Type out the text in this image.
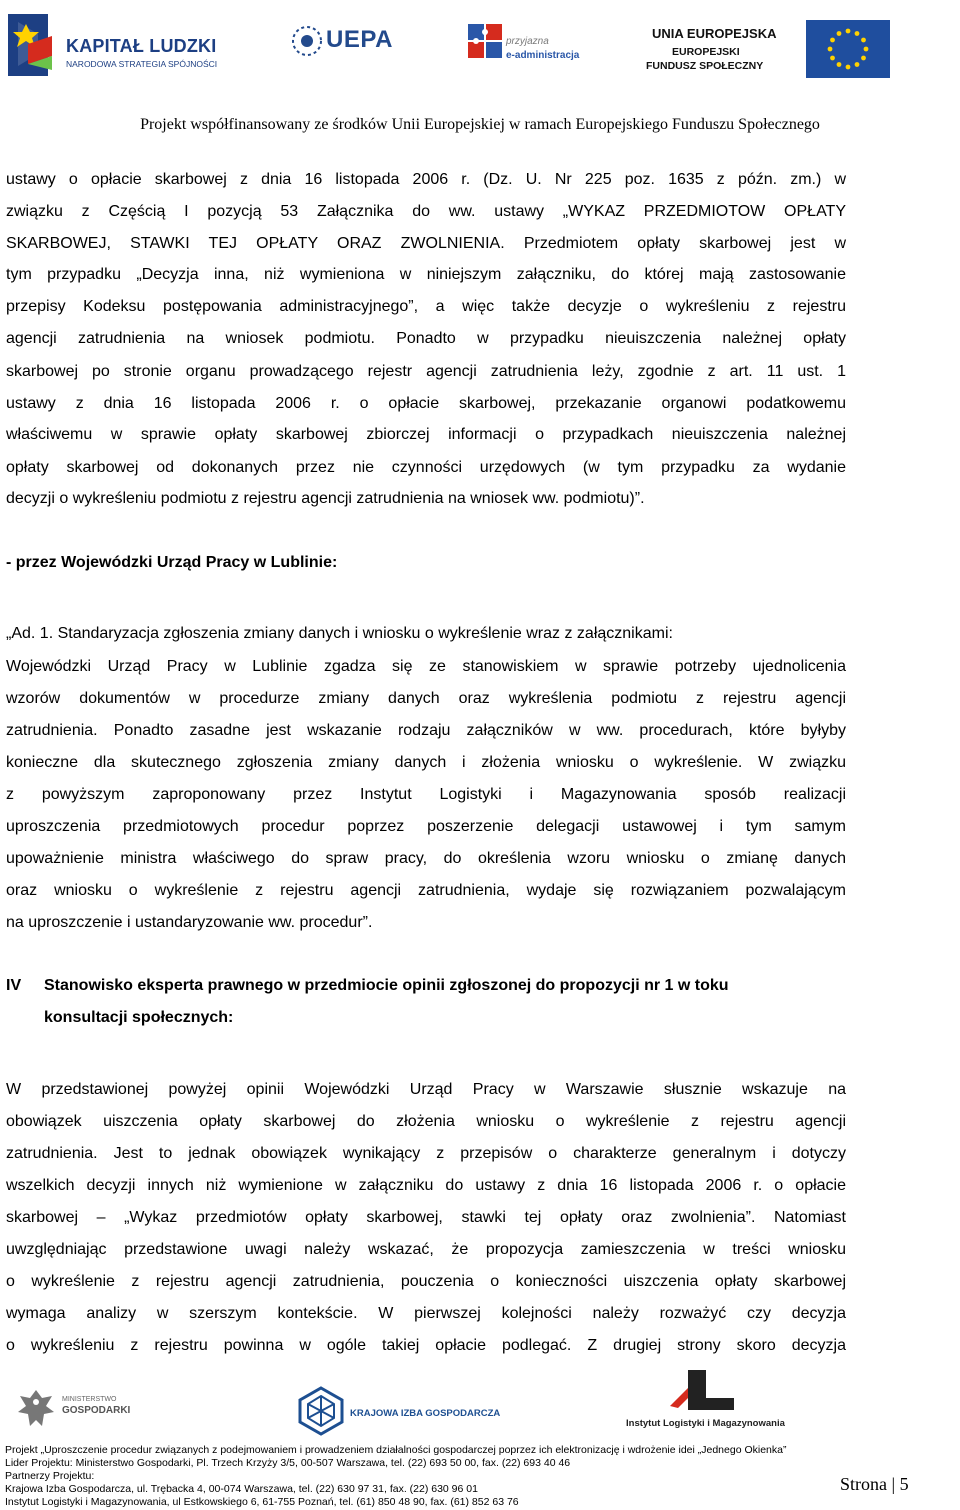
KAPITAŁ LUDZKI
NARODOWA STRATEGIA SPÓJNOŚCI
UEPA	przyjazna
e-administracja
UNIA EUROPEJSKA
EUROPEJSKI
FUNDUSZ SPOŁECZNY
Projekt współfinansowany ze środków Unii Europejskiej w ramach Europejskiego Funduszu Społecznego
ustawy o opłacie skarbowej z dnia 16 listopada 2006 r. (Dz. U. Nr 225 poz. 1635 z późn. zm.) w
związku z Częścią I pozycją 53 Załącznika do ww. ustawy „WYKAZ PRZEDMIOTOW OPŁATY
SKARBOWEJ, STAWKI TEJ OPŁATY ORAZ ZWOLNIENIA. Przedmiotem opłaty skarbowej jest w
tym przypadku „Decyzja inna, niż wymieniona w niniejszym załączniku, do której mają zastosowanie
przepisy Kodeksu postępowania administracyjnego”, a więc także decyzje o wykreśleniu z rejestru
agencji zatrudnienia na wniosek podmiotu. Ponadto w przypadku nieuiszczenia należnej opłaty
skarbowej po stronie organu prowadzącego rejestr agencji zatrudnienia leży, zgodnie z art. 11 ust. 1
ustawy z dnia 16 listopada 2006 r. o opłacie skarbowej, przekazanie organowi podatkowemu
właściwemu w sprawie opłaty skarbowej zbiorczej informacji o przypadkach nieuiszczenia należnej
opłaty skarbowej od dokonanych przez nie czynności urzędowych (w tym przypadku za wydanie
decyzji o wykreśleniu podmiotu z rejestru agencji zatrudnienia na wniosek ww. podmiotu)”.
- przez Wojewódzki Urząd Pracy w Lublinie:
„Ad. 1. Standaryzacja zgłoszenia zmiany danych i wniosku o wykreślenie wraz z załącznikami:
Wojewódzki Urząd Pracy w Lublinie zgadza się ze stanowiskiem w sprawie potrzeby ujednolicenia
wzorów dokumentów w procedurze zmiany danych oraz wykreślenia podmiotu z rejestru agencji
zatrudnienia. Ponadto zasadne jest wskazanie rodzaju załączników w ww. procedurach, które byłyby
konieczne dla skutecznego zgłoszenia zmiany danych i złożenia wniosku o wykreślenie. W związku
z powyższym zaproponowany przez Instytut Logistyki i Magazynowania sposób realizacji
uproszczenia przedmiotowych procedur poprzez poszerzenie delegacji ustawowej i tym samym
upoważnienie ministra właściwego do spraw pracy, do określenia wzoru wniosku o zmianę danych
oraz wniosku o wykreślenie z rejestru agencji zatrudnienia, wydaje się rozwiązaniem pozwalającym
na uproszczenie i ustandaryzowanie ww. procedur”.
IV Stanowisko eksperta prawnego w przedmiocie opinii zgłoszonej do propozycji nr 1 w toku
konsultacji społecznych:
W przedstawionej powyżej opinii Wojewódzki Urząd Pracy w Warszawie słusznie wskazuje na
obowiązek uiszczenia opłaty skarbowej do złożenia wniosku o wykreślenie z rejestru agencji
zatrudnienia. Jest to jednak obowiązek wynikający z przepisów o charakterze generalnym i dotyczy
wszelkich decyzji innych niż wymienione w załączniku do ustawy z dnia 16 listopada 2006 r. o opłacie
skarbowej – „Wykaz przedmiotów opłaty skarbowej, stawki tej opłaty oraz zwolnienia”. Natomiast
uwzględniając przedstawione uwagi należy wskazać, że propozycja zamieszczenia w treści wniosku
o wykreślenie z rejestru agencji zatrudnienia, pouczenia o konieczności uiszczenia opłaty skarbowej
wymaga analizy w szerszym kontekście. W pierwszej kolejności należy rozważyć czy decyzja
o wykreśleniu z rejestru powinna w ogóle takiej opłacie podlegać. Z drugiej strony skoro decyzja
MINISTERSTWO
GOSPODARKI	KRAJOWA IZBA GOSPODARCZA
Instytut Logistyki i Magazynowania
Projekt „Uproszczenie procedur związanych z podejmowaniem i prowadzeniem działalności gospodarczej poprzez ich elektronizację i wdrożenie idei „Jednego Okienka”
Lider Projektu: Ministerstwo Gospodarki, Pl. Trzech Krzyży 3/5, 00-507 Warszawa, tel. (22) 693 50 00, fax. (22) 693 40 46
Partnerzy Projektu:
Krajowa Izba Gospodarcza, ul. Trębacka 4, 00-074 Warszawa, tel. (22) 630 97 31, fax. (22) 630 96 01
Instytut Logistyki i Magazynowania, ul Estkowskiego 6, 61-755 Poznań, tel. (61) 850 48 90, fax. (61) 852 63 76
Strona | 5
